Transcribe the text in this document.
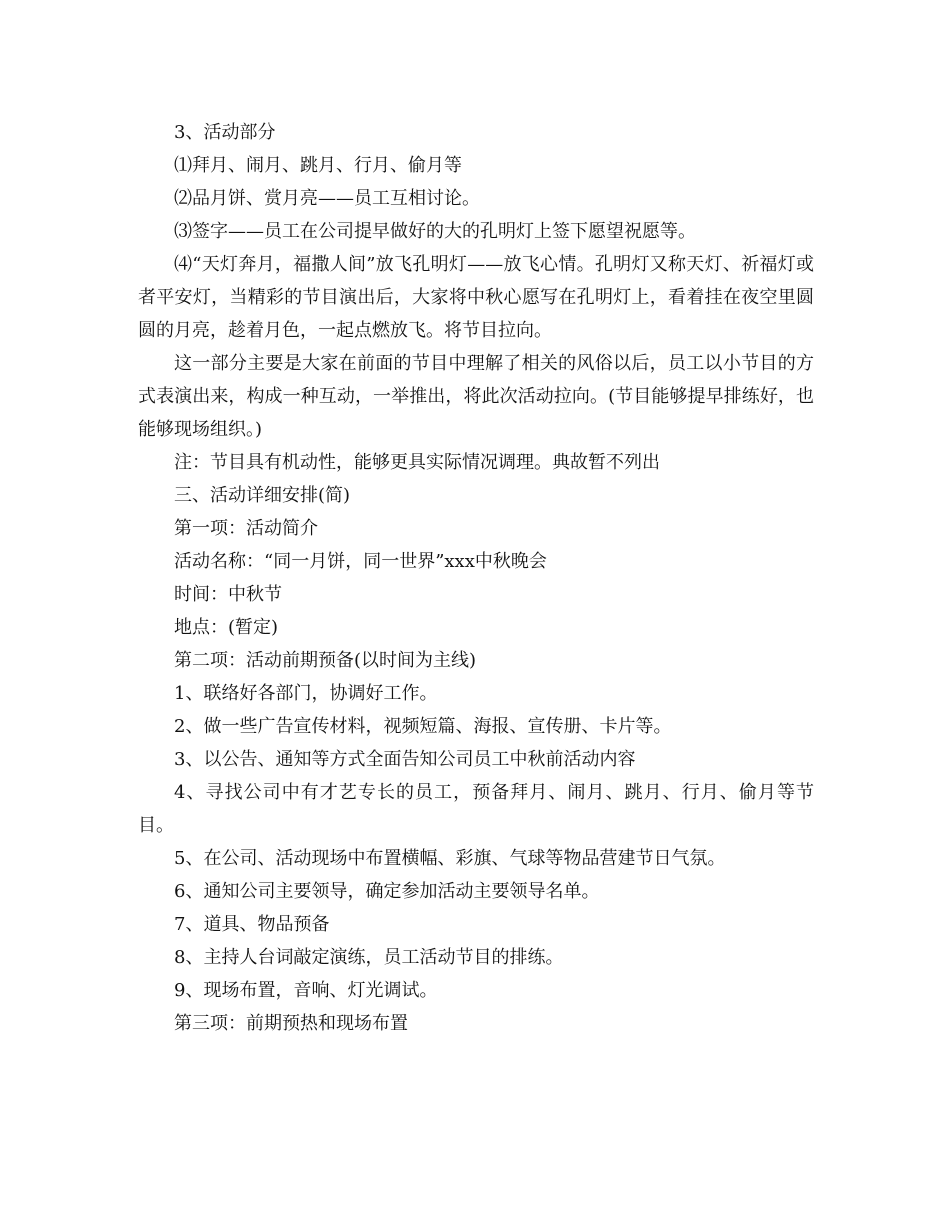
3、活动部分

⑴拜月、闹月、跳月、行月、偷月等

⑵品月饼、赏月亮——员工互相讨论。

⑶签字——员工在公司提早做好的大的孔明灯上签下愿望祝愿等。

⑷“天灯奔月，福撒人间”放飞孔明灯——放飞心情。孔明灯又称天灯、祈福灯或者平安灯，当精彩的节目演出后，大家将中秋心愿写在孔明灯上，看着挂在夜空里圆圆的月亮，趁着月色，一起点燃放飞。将节目拉向。

这一部分主要是大家在前面的节目中理解了相关的风俗以后，员工以小节目的方式表演出来，构成一种互动，一举推出，将此次活动拉向。(节目能够提早排练好，也能够现场组织。)

注：节目具有机动性，能够更具实际情况调理。典故暂不列出

三、活动详细安排(简)

第一项：活动简介

活动名称：“同一月饼，同一世界”xxx中秋晚会

时间：中秋节

地点：(暂定)

第二项：活动前期预备(以时间为主线)

1、联络好各部门，协调好工作。

2、做一些广告宣传材料，视频短篇、海报、宣传册、卡片等。

3、以公告、通知等方式全面告知公司员工中秋前活动内容

4、寻找公司中有才艺专长的员工，预备拜月、闹月、跳月、行月、偷月等节目。

5、在公司、活动现场中布置横幅、彩旗、气球等物品营建节日气氛。

6、通知公司主要领导，确定参加活动主要领导名单。

7、道具、物品预备

8、主持人台词敲定演练，员工活动节目的排练。

9、现场布置，音响、灯光调试。

第三项：前期预热和现场布置
